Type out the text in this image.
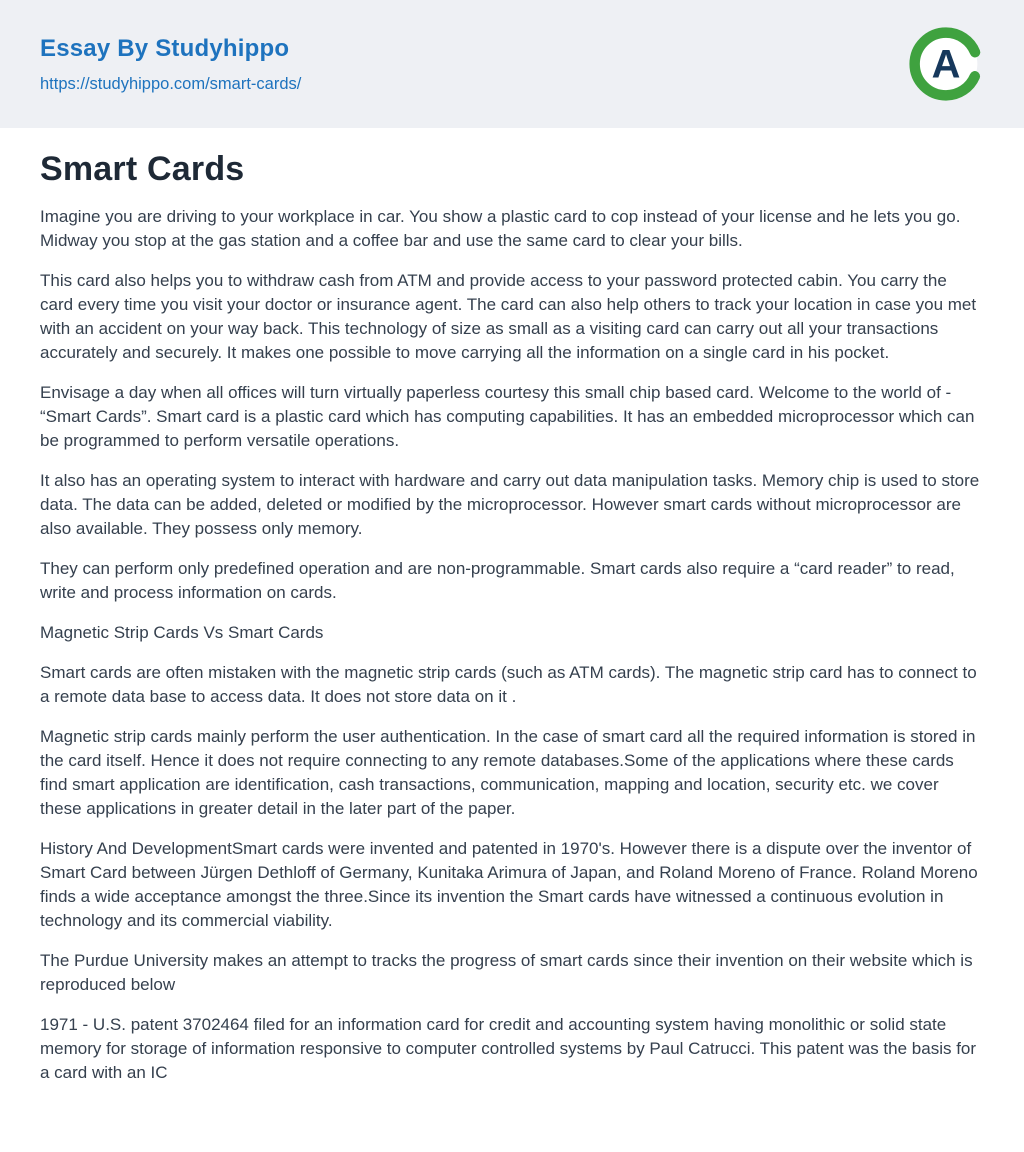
Essay By Studyhippo
https://studyhippo.com/smart-cards/	A
Smart Cards

Imagine you are driving to your workplace in car. You show a plastic card to cop instead of your license and he lets you go. Midway you stop at the gas station and a coffee bar and use the same card to clear your bills.

This card also helps you to withdraw cash from ATM and provide access to your password protected cabin. You carry the card every time you visit your doctor or insurance agent. The card can also help others to track your location in case you met with an accident on your way back. This technology of size as small as a visiting card can carry out all your transactions accurately and securely. It makes one possible to move carrying all the information on a single card in his pocket.

Envisage a day when all offices will turn virtually paperless courtesy this small chip based card. Welcome to the world of - “Smart Cards”. Smart card is a plastic card which has computing capabilities. It has an embedded microprocessor which can be programmed to perform versatile operations.

It also has an operating system to interact with hardware and carry out data manipulation tasks. Memory chip is used to store data. The data can be added, deleted or modified by the microprocessor. However smart cards without microprocessor are also available. They possess only memory.

They can perform only predefined operation and are non-programmable. Smart cards also require a “card reader” to read, write and process information on cards.

Magnetic Strip Cards Vs Smart Cards

Smart cards are often mistaken with the magnetic strip cards (such as ATM cards). The magnetic strip card has to connect to a remote data base to access data. It does not store data on it .

Magnetic strip cards mainly perform the user authentication. In the case of smart card all the required information is stored in the card itself. Hence it does not require connecting to any remote databases.Some of the applications where these cards find smart application are identification, cash transactions, communication, mapping and location, security etc. we cover these applications in greater detail in the later part of the paper.

History And DevelopmentSmart cards were invented and patented in 1970's. However there is a dispute over the inventor of Smart Card between Jürgen Dethloff of Germany, Kunitaka Arimura of Japan, and Roland Moreno of France. Roland Moreno finds a wide acceptance amongst the three.Since its invention the Smart cards have witnessed a continuous evolution in technology and its commercial viability.

The Purdue University makes an attempt to tracks the progress of smart cards since their invention on their website which is reproduced below

1971 - U.S. patent 3702464 filed for an information card for credit and accounting system having monolithic or solid state memory for storage of information responsive to computer controlled systems by Paul Catrucci. This patent was the basis for a card with an IC
